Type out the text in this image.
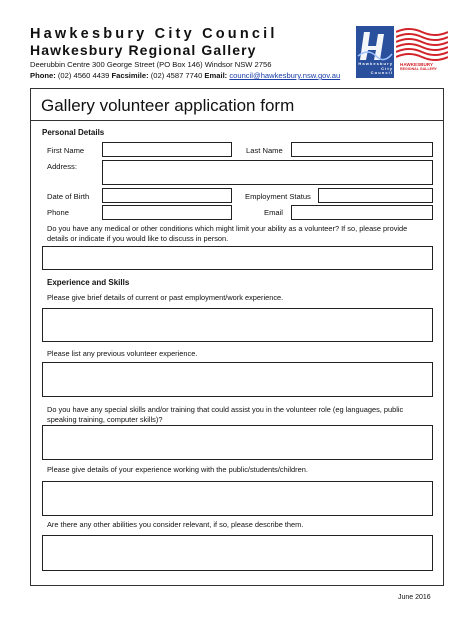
Hawkesbury City Council
Hawkesbury Regional Gallery
Deerubbin Centre 300 George Street (PO Box 146) Windsor NSW 2756
Phone: (02) 4560 4439 Facsimile: (02) 4587 7740 Email: council@hawkesbury.nsw.gov.au
H a w k e s b u r y
C i t y
C o u n c i l
HAWKESBURY
REGIONAL GALLERY
Gallery volunteer application form
Personal Details
First Name	Last Name
Address:
Date of Birth	Employment Status
Phone	Email
Do you have any medical or other conditions which might limit your ability as a volunteer? If so, please provide details or indicate if you would like to discuss in person.
Experience and Skills
Please give brief details of current or past employment/work experience.
Please list any previous volunteer experience.
Do you have any special skills and/or training that could assist you in the volunteer role (eg languages, public speaking training, computer skills)?
Please give details of your experience working with the public/students/children.
Are there any other abilities you consider relevant, if so, please describe them.
June 2016
